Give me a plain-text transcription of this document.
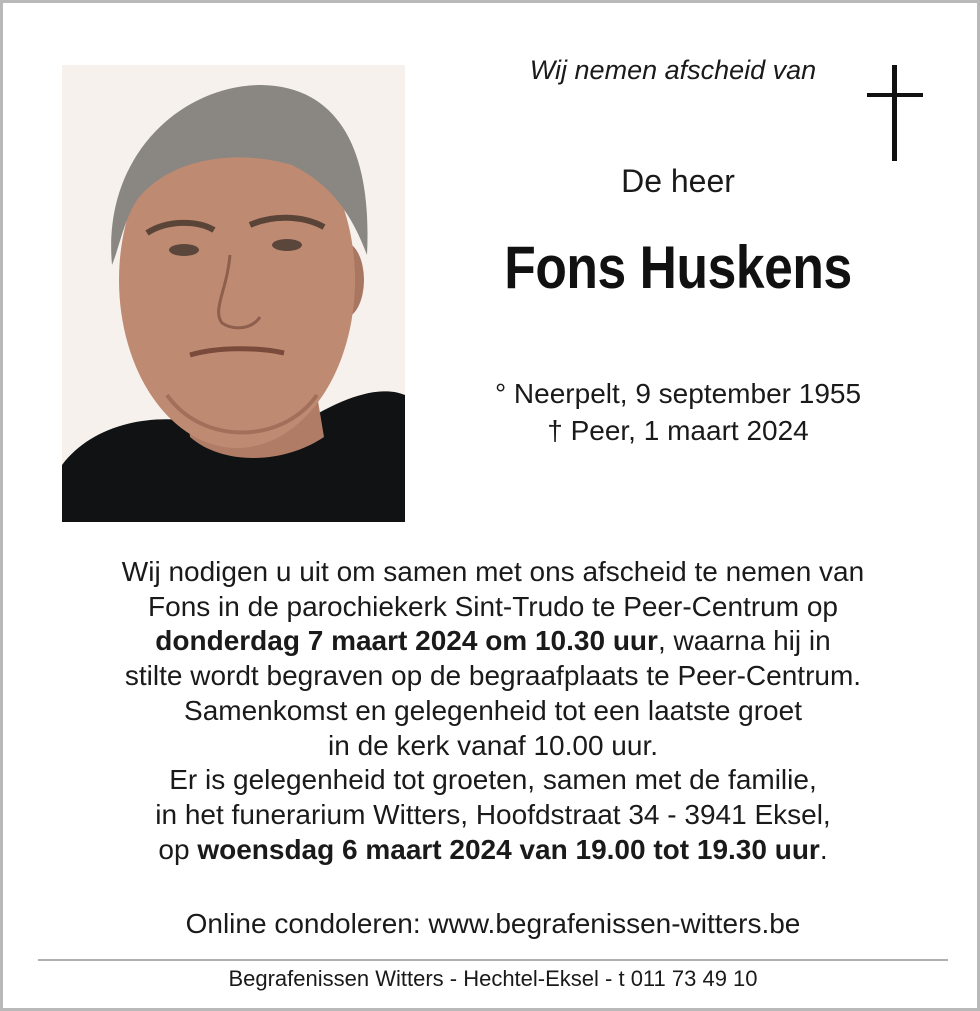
Wij nemen afscheid van
De heer
Fons Huskens
° Neerpelt, 9 september 1955
† Peer, 1 maart 2024

Wij nodigen u uit om samen met ons afscheid te nemen van

Fons in de parochiekerk Sint-Trudo te Peer-Centrum op

donderdag 7 maart 2024 om 10.30 uur, waarna hij in

stilte wordt begraven op de begraafplaats te Peer-Centrum.

Samenkomst en gelegenheid tot een laatste groet

in de kerk vanaf 10.00 uur.

Er is gelegenheid tot groeten, samen met de familie,

in het funerarium Witters, Hoofdstraat 34 - 3941 Eksel,

op woensdag 6 maart 2024 van 19.00 tot 19.30 uur.

Online condoleren: www.begrafenissen-witters.be
Begrafenissen Witters - Hechtel-Eksel - t 011 73 49 10
